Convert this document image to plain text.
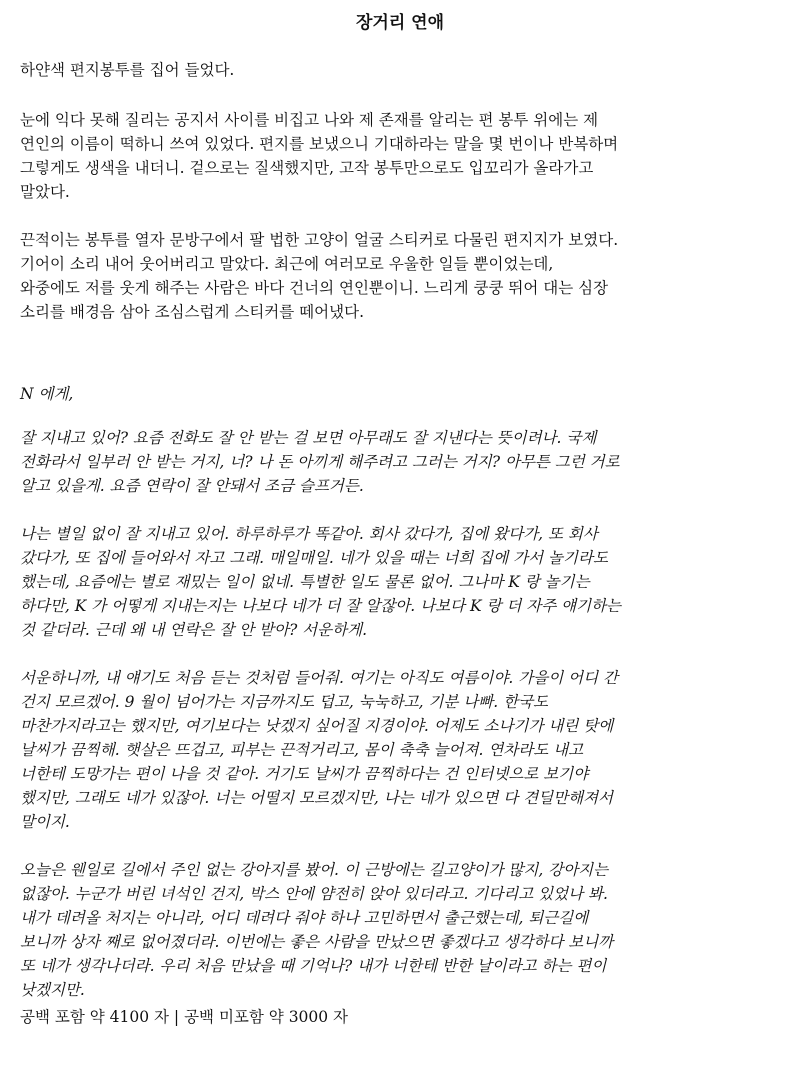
장거리 연애

하얀색 편지봉투를 집어 들었다.

눈에 익다 못해 질리는 공지서 사이를 비집고 나와 제 존재를 알리는 편 봉투 위에는 제
연인의 이름이 떡하니 쓰여 있었다. 편지를 보냈으니 기대하라는 말을 몇 번이나 반복하며
그렇게도 생색을 내더니. 겉으로는 질색했지만, 고작 봉투만으로도 입꼬리가 올라가고
말았다.

끈적이는 봉투를 열자 문방구에서 팔 법한 고양이 얼굴 스티커로 다물린 편지지가 보였다.
기어이 소리 내어 웃어버리고 말았다. 최근에 여러모로 우울한 일들 뿐이었는데,
와중에도 저를 웃게 해주는 사람은 바다 건너의 연인뿐이니. 느리게 쿵쿵 뛰어 대는 심장
소리를 배경음 삼아 조심스럽게 스티커를 떼어냈다.

N 에게,

잘 지내고 있어? 요즘 전화도 잘 안 받는 걸 보면 아무래도 잘 지낸다는 뜻이려나. 국제
전화라서 일부러 안 받는 거지, 너? 나 돈 아끼게 해주려고 그러는 거지? 아무튼 그런 거로
알고 있을게. 요즘 연락이 잘 안돼서 조금 슬프거든.

나는 별일 없이 잘 지내고 있어. 하루하루가 똑같아. 회사 갔다가, 집에 왔다가, 또 회사
갔다가, 또 집에 들어와서 자고 그래. 매일매일. 네가 있을 때는 너희 집에 가서 놀기라도
했는데, 요즘에는 별로 재밌는 일이 없네. 특별한 일도 물론 없어. 그나마 K 랑 놀기는
하다만, K 가 어떻게 지내는지는 나보다 네가 더 잘 알잖아. 나보다 K 랑 더 자주 얘기하는
것 같더라. 근데 왜 내 연락은 잘 안 받아? 서운하게.

서운하니까, 내 얘기도 처음 듣는 것처럼 들어줘. 여기는 아직도 여름이야. 가을이 어디 간
건지 모르겠어. 9 월이 넘어가는 지금까지도 덥고, 눅눅하고, 기분 나빠. 한국도
마찬가지라고는 했지만, 여기보다는 낫겠지 싶어질 지경이야. 어제도 소나기가 내린 탓에
날씨가 끔찍해. 햇살은 뜨겁고, 피부는 끈적거리고, 몸이 축축 늘어져. 연차라도 내고
너한테 도망가는 편이 나을 것 같아. 거기도 날씨가 끔찍하다는 건 인터넷으로 보기야
했지만, 그래도 네가 있잖아. 너는 어떨지 모르겠지만, 나는 네가 있으면 다 견딜만해져서
말이지.

오늘은 웬일로 길에서 주인 없는 강아지를 봤어. 이 근방에는 길고양이가 많지, 강아지는
없잖아. 누군가 버린 녀석인 건지, 박스 안에 얌전히 앉아 있더라고. 기다리고 있었나 봐.
내가 데려올 처지는 아니라, 어디 데려다 줘야 하나 고민하면서 출근했는데, 퇴근길에
보니까 상자 째로 없어졌더라. 이번에는 좋은 사람을 만났으면 좋겠다고 생각하다 보니까
또 네가 생각나더라. 우리 처음 만났을 때 기억나? 내가 너한테 반한 날이라고 하는 편이
낫겠지만.

공백 포함 약 4100 자 | 공백 미포함 약 3000 자
